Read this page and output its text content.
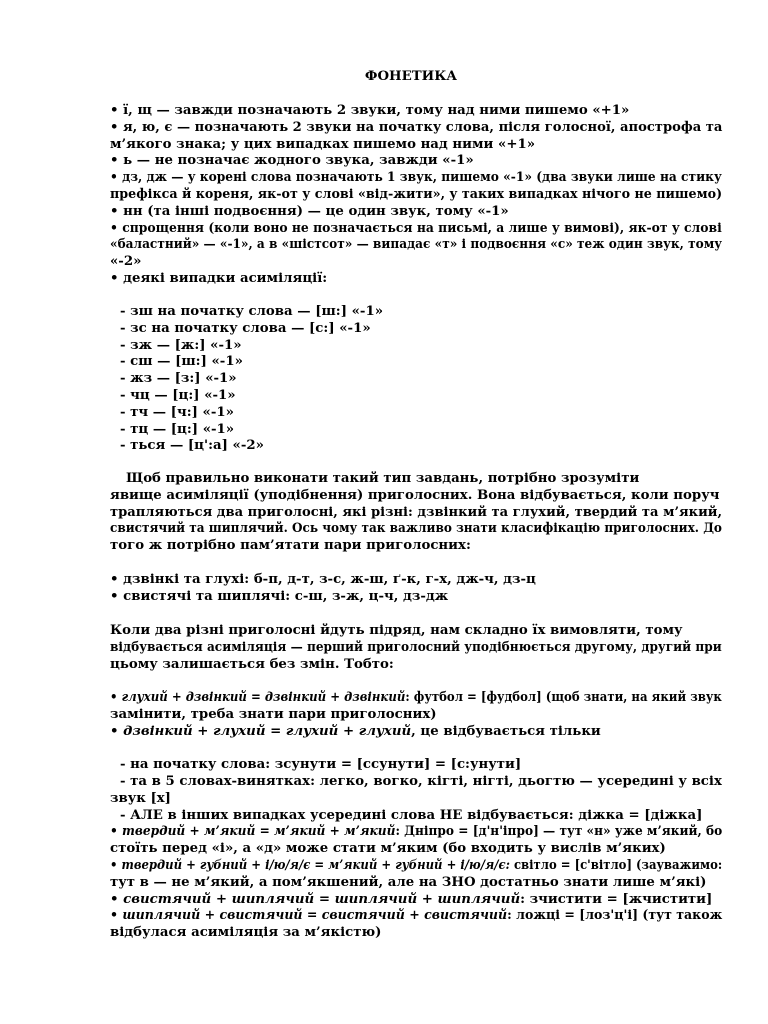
ФОНЕТИКА

• ї, щ — завжди позначають 2 звуки, тому над ними пишемо «+1»
• я, ю, є — позначають 2 звуки на початку слова, після голосної, апострофа та
м’якого знака; у цих випадках пишемо над ними «+1»
• ь — не позначає жодного звука, завжди «-1»
• дз, дж — у корені слова позначають 1 звук, пишемо «-1» (два звуки лише на стику
префікса й кореня, як-от у слові «від-жити», у таких випадках нічого не пишемо)
• нн (та інші подвоєння) — це один звук, тому «-1»
• спрощення (коли воно не позначається на письмі, а лише у вимові), як-от у слові
«баластний» — «-1», а в «шістсот» — випадає «т» і подвоєння «с» теж один звук, тому
«-2»
• деякі випадки асиміляції:
- зш на початку слова — [ш:] «-1»
- зс на початку слова — [с:] «-1»
- зж — [ж:] «-1»
- сш — [ш:] «-1»
- жз — [з:] «-1»
- чц — [ц:] «-1»
- тч — [ч:] «-1»
- тц — [ц:] «-1»
- ться — [ц':а] «-2»
Щоб правильно виконати такий тип завдань, потрібно зрозуміти
явище асиміляції (уподібнення) приголосних. Вона відбувається, коли поруч
трапляються два приголосні, які різні: дзвінкий та глухий, твердий та м’який,
свистячий та шиплячий. Ось чому так важливо знати класифікацію приголосних. До
того ж потрібно пам’ятати пари приголосних:
• дзвінкі та глухі: б-п, д-т, з-с, ж-ш, ґ-к, г-х, дж-ч, дз-ц
• свистячі та шиплячі: с-ш, з-ж, ц-ч, дз-дж
Коли два різні приголосні йдуть підряд, нам складно їх вимовляти, тому
відбувається асиміляція — перший приголосний уподібнюється другому, другий при
цьому залишається без змін. Тобто:
• глухий + дзвінкий = дзвінкий + дзвінкий: футбол = [фудбол] (щоб знати, на який звук
замінити, треба знати пари приголосних)
• дзвінкий + глухий = глухий + глухий, це відбувається тільки
- на початку слова: зсунути = [ссунути] = [с:унути]
- та в 5 словах-винятках: легко, вогко, кігті, нігті, дьогтю — усередині у всіх
звук [х]
- АЛЕ в інших випадках усередині слова НЕ відбувається: діжка = [діжка]
• твердий + м’який = м’який + м’який: Дніпро = [д'н'іпро] — тут «н» уже м’який, бо
стоїть перед «і», а «д» може стати м’яким (бо входить у вислів м’яких)
• твердий + губний + і/ю/я/є = м’який + губний + і/ю/я/є: світло = [с'вітло] (зауважимо:
тут в — не м’який, а пом’якшений, але на ЗНО достатньо знати лише м’які)
• свистячий + шиплячий = шиплячий + шиплячий: зчистити = [жчистити]
• шиплячий + свистячий = свистячий + свистячий: ложці = [лоз'ц'і] (тут також
відбулася асиміляція за м’якістю)
